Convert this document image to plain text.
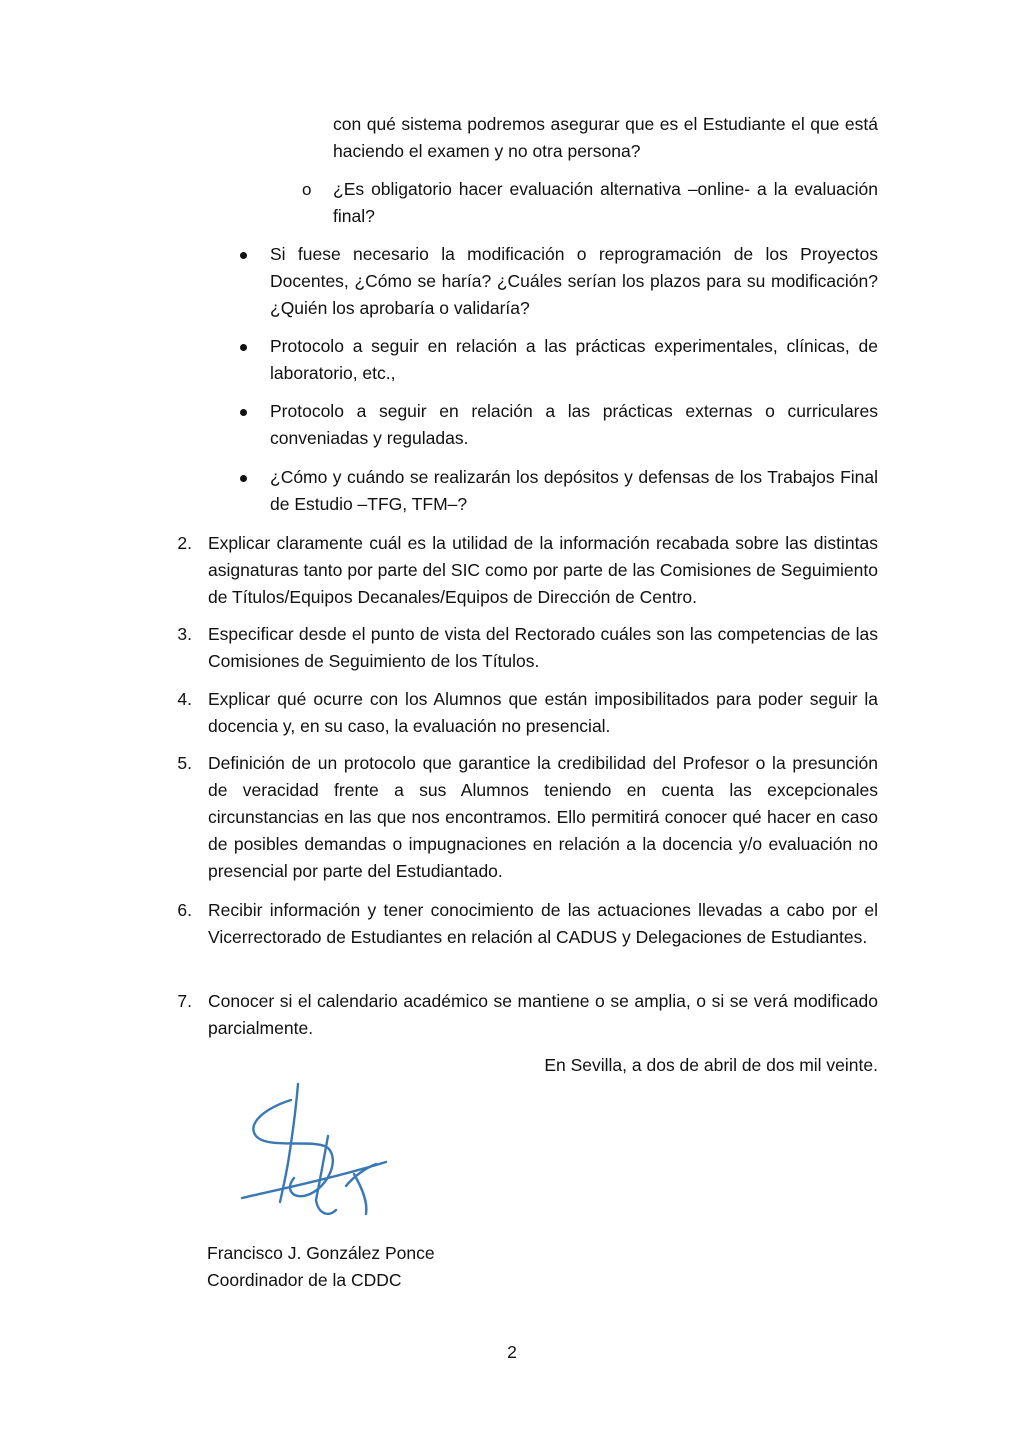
con qué sistema podremos asegurar que es el Estudiante el que está haciendo el examen y no otra persona?

o ¿Es obligatorio hacer evaluación alternativa –online- a la evaluación final?

Si fuese necesario la modificación o reprogramación de los Proyectos Docentes, ¿Cómo se haría? ¿Cuáles serían los plazos para su modificación? ¿Quién los aprobaría o validaría?

Protocolo a seguir en relación a las prácticas experimentales, clínicas, de laboratorio, etc.,

Protocolo a seguir en relación a las prácticas externas o curriculares conveniadas y reguladas.

¿Cómo y cuándo se realizarán los depósitos y defensas de los Trabajos Final de Estudio –TFG, TFM–?

2. Explicar claramente cuál es la utilidad de la información recabada sobre las distintas asignaturas tanto por parte del SIC como por parte de las Comisiones de Seguimiento de Títulos/Equipos Decanales/Equipos de Dirección de Centro.

3. Especificar desde el punto de vista del Rectorado cuáles son las competencias de las Comisiones de Seguimiento de los Títulos.

4. Explicar qué ocurre con los Alumnos que están imposibilitados para poder seguir la docencia y, en su caso, la evaluación no presencial.

5. Definición de un protocolo que garantice la credibilidad del Profesor o la presunción de veracidad frente a sus Alumnos teniendo en cuenta las excepcionales circunstancias en las que nos encontramos. Ello permitirá conocer qué hacer en caso de posibles demandas o impugnaciones en relación a la docencia y/o evaluación no presencial por parte del Estudiantado.

6. Recibir información y tener conocimiento de las actuaciones llevadas a cabo por el Vicerrectorado de Estudiantes en relación al CADUS y Delegaciones de Estudiantes.

7. Conocer si el calendario académico se mantiene o se amplia, o si se verá modificado parcialmente.

En Sevilla, a dos de abril de dos mil veinte.
Francisco J. González Ponce
Coordinador de la CDDC
2
